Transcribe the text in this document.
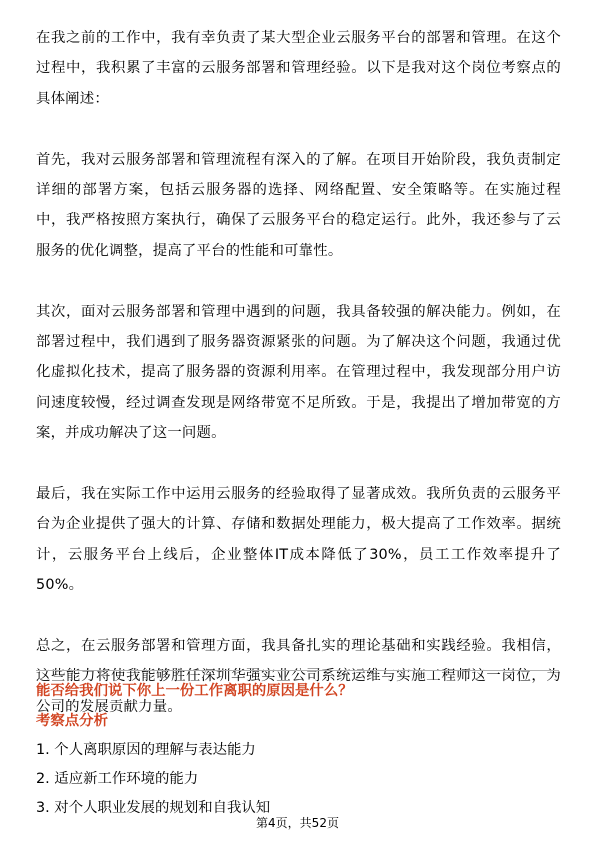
在我之前的工作中，我有幸负责了某大型企业云服务平台的部署和管理。在这个过程中，我积累了丰富的云服务部署和管理经验。以下是我对这个岗位考察点的具体阐述：

首先，我对云服务部署和管理流程有深入的了解。在项目开始阶段，我负责制定详细的部署方案，包括云服务器的选择、网络配置、安全策略等。在实施过程中，我严格按照方案执行，确保了云服务平台的稳定运行。此外，我还参与了云服务的优化调整，提高了平台的性能和可靠性。

其次，面对云服务部署和管理中遇到的问题，我具备较强的解决能力。例如，在部署过程中，我们遇到了服务器资源紧张的问题。为了解决这个问题，我通过优化虚拟化技术，提高了服务器的资源利用率。在管理过程中，我发现部分用户访问速度较慢，经过调查发现是网络带宽不足所致。于是，我提出了增加带宽的方案，并成功解决了这一问题。

最后，我在实际工作中运用云服务的经验取得了显著成效。我所负责的云服务平台为企业提供了强大的计算、存储和数据处理能力，极大提高了工作效率。据统计，云服务平台上线后，企业整体IT成本降低了30%，员工工作效率提升了50%。

总之，在云服务部署和管理方面，我具备扎实的理论基础和实践经验。我相信，这些能力将使我能够胜任深圳华强实业公司系统运维与实施工程师这一岗位，为公司的发展贡献力量。

能否给我们说下你上一份工作离职的原因是什么？

考察点分析

1. 个人离职原因的理解与表达能力
2. 适应新工作环境的能力
3. 对个人职业发展的规划和自我认知
第4页，共52页
